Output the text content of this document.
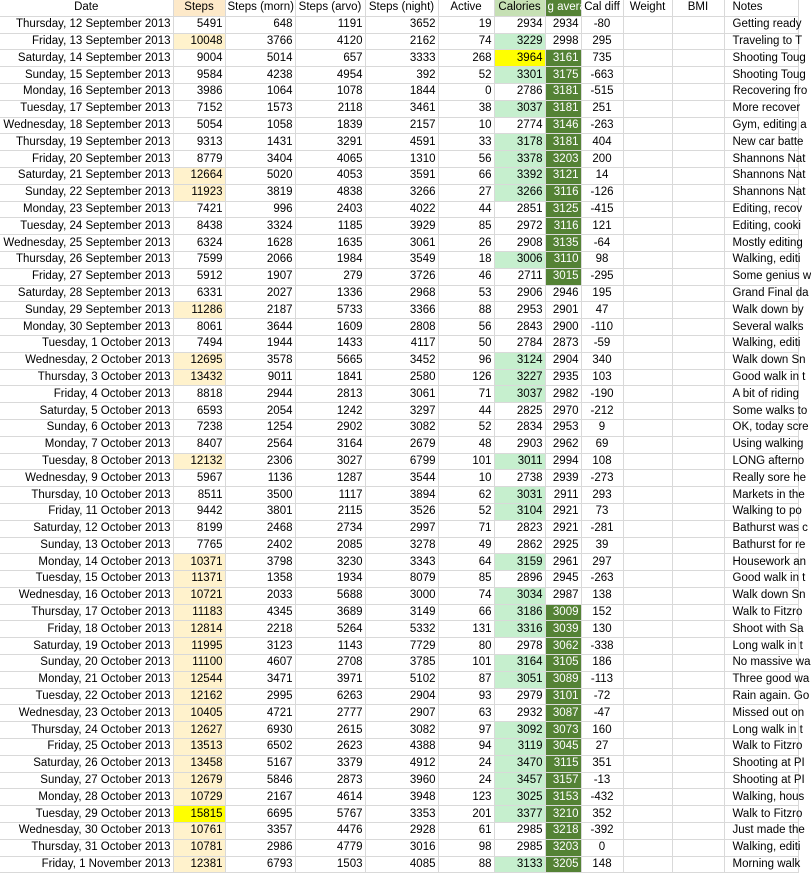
Date	Steps	Steps (morn)	Steps (arvo)	Steps (night)	Active	Calories	g avera	Cal diff	Weight	BMI	Notes
Thursday, 12 September 2013	5491	648	1191	3652	19	2934	2934	-80			Getting ready
Friday, 13 September 2013	10048	3766	4120	2162	74	3229	2998	295			Traveling to T
Saturday, 14 September 2013	9004	5014	657	3333	268	3964	3161	735			Shooting Toug
Sunday, 15 September 2013	9584	4238	4954	392	52	3301	3175	-663			Shooting Toug
Monday, 16 September 2013	3986	1064	1078	1844	0	2786	3181	-515			Recovering fro
Tuesday, 17 September 2013	7152	1573	2118	3461	38	3037	3181	251			More recover
Wednesday, 18 September 2013	5054	1058	1839	2157	10	2774	3146	-263			Gym, editing a
Thursday, 19 September 2013	9313	1431	3291	4591	33	3178	3181	404			New car batte
Friday, 20 September 2013	8779	3404	4065	1310	56	3378	3203	200			Shannons Nat
Saturday, 21 September 2013	12664	5020	4053	3591	66	3392	3121	14			Shannons Nat
Sunday, 22 September 2013	11923	3819	4838	3266	27	3266	3116	-126			Shannons Nat
Monday, 23 September 2013	7421	996	2403	4022	44	2851	3125	-415			Editing, recov
Tuesday, 24 September 2013	8438	3324	1185	3929	85	2972	3116	121			Editing, cooki
Wednesday, 25 September 2013	6324	1628	1635	3061	26	2908	3135	-64			Mostly editing
Thursday, 26 September 2013	7599	2066	1984	3549	18	3006	3110	98			Walking, editi
Friday, 27 September 2013	5912	1907	279	3726	46	2711	3015	-295			Some genius w
Saturday, 28 September 2013	6331	2027	1336	2968	53	2906	2946	195			Grand Final da
Sunday, 29 September 2013	11286	2187	5733	3366	88	2953	2901	47			Walk down by
Monday, 30 September 2013	8061	3644	1609	2808	56	2843	2900	-110			Several walks
Tuesday, 1 October 2013	7494	1944	1433	4117	50	2784	2873	-59			Walking, editi
Wednesday, 2 October 2013	12695	3578	5665	3452	96	3124	2904	340			Walk down Sn
Thursday, 3 October 2013	13432	9011	1841	2580	126	3227	2935	103			Good walk in t
Friday, 4 October 2013	8818	2944	2813	3061	71	3037	2982	-190			A bit of riding
Saturday, 5 October 2013	6593	2054	1242	3297	44	2825	2970	-212			Some walks to
Sunday, 6 October 2013	7238	1254	2902	3082	52	2834	2953	9			OK, today scre
Monday, 7 October 2013	8407	2564	3164	2679	48	2903	2962	69			Using walking
Tuesday, 8 October 2013	12132	2306	3027	6799	101	3011	2994	108			LONG afterno
Wednesday, 9 October 2013	5967	1136	1287	3544	10	2738	2939	-273			Really sore he
Thursday, 10 October 2013	8511	3500	1117	3894	62	3031	2911	293			Markets in the
Friday, 11 October 2013	9442	3801	2115	3526	52	3104	2921	73			Walking to po
Saturday, 12 October 2013	8199	2468	2734	2997	71	2823	2921	-281			Bathurst was c
Sunday, 13 October 2013	7765	2402	2085	3278	49	2862	2925	39			Bathurst for re
Monday, 14 October 2013	10371	3798	3230	3343	64	3159	2961	297			Housework an
Tuesday, 15 October 2013	11371	1358	1934	8079	85	2896	2945	-263			Good walk in t
Wednesday, 16 October 2013	10721	2033	5688	3000	74	3034	2987	138			Walk down Sn
Thursday, 17 October 2013	11183	4345	3689	3149	66	3186	3009	152			Walk to Fitzro
Friday, 18 October 2013	12814	2218	5264	5332	131	3316	3039	130			Shoot with Sa
Saturday, 19 October 2013	11995	3123	1143	7729	80	2978	3062	-338			Long walk in t
Sunday, 20 October 2013	11100	4607	2708	3785	101	3164	3105	186			No massive wa
Monday, 21 October 2013	12544	3471	3971	5102	87	3051	3089	-113			Three good wa
Tuesday, 22 October 2013	12162	2995	6263	2904	93	2979	3101	-72			Rain again. Go
Wednesday, 23 October 2013	10405	4721	2777	2907	63	2932	3087	-47			Missed out on
Thursday, 24 October 2013	12627	6930	2615	3082	97	3092	3073	160			Long walk in t
Friday, 25 October 2013	13513	6502	2623	4388	94	3119	3045	27			Walk to Fitzro
Saturday, 26 October 2013	13458	5167	3379	4912	24	3470	3115	351			Shooting at PI
Sunday, 27 October 2013	12679	5846	2873	3960	24	3457	3157	-13			Shooting at PI
Monday, 28 October 2013	10729	2167	4614	3948	123	3025	3153	-432			Walking, hous
Tuesday, 29 October 2013	15815	6695	5767	3353	201	3377	3210	352			Walk to Fitzro
Wednesday, 30 October 2013	10761	3357	4476	2928	61	2985	3218	-392			Just made the
Thursday, 31 October 2013	10781	2986	4779	3016	98	2985	3203	0			Walking, editi
Friday, 1 November 2013	12381	6793	1503	4085	88	3133	3205	148			Morning walk
